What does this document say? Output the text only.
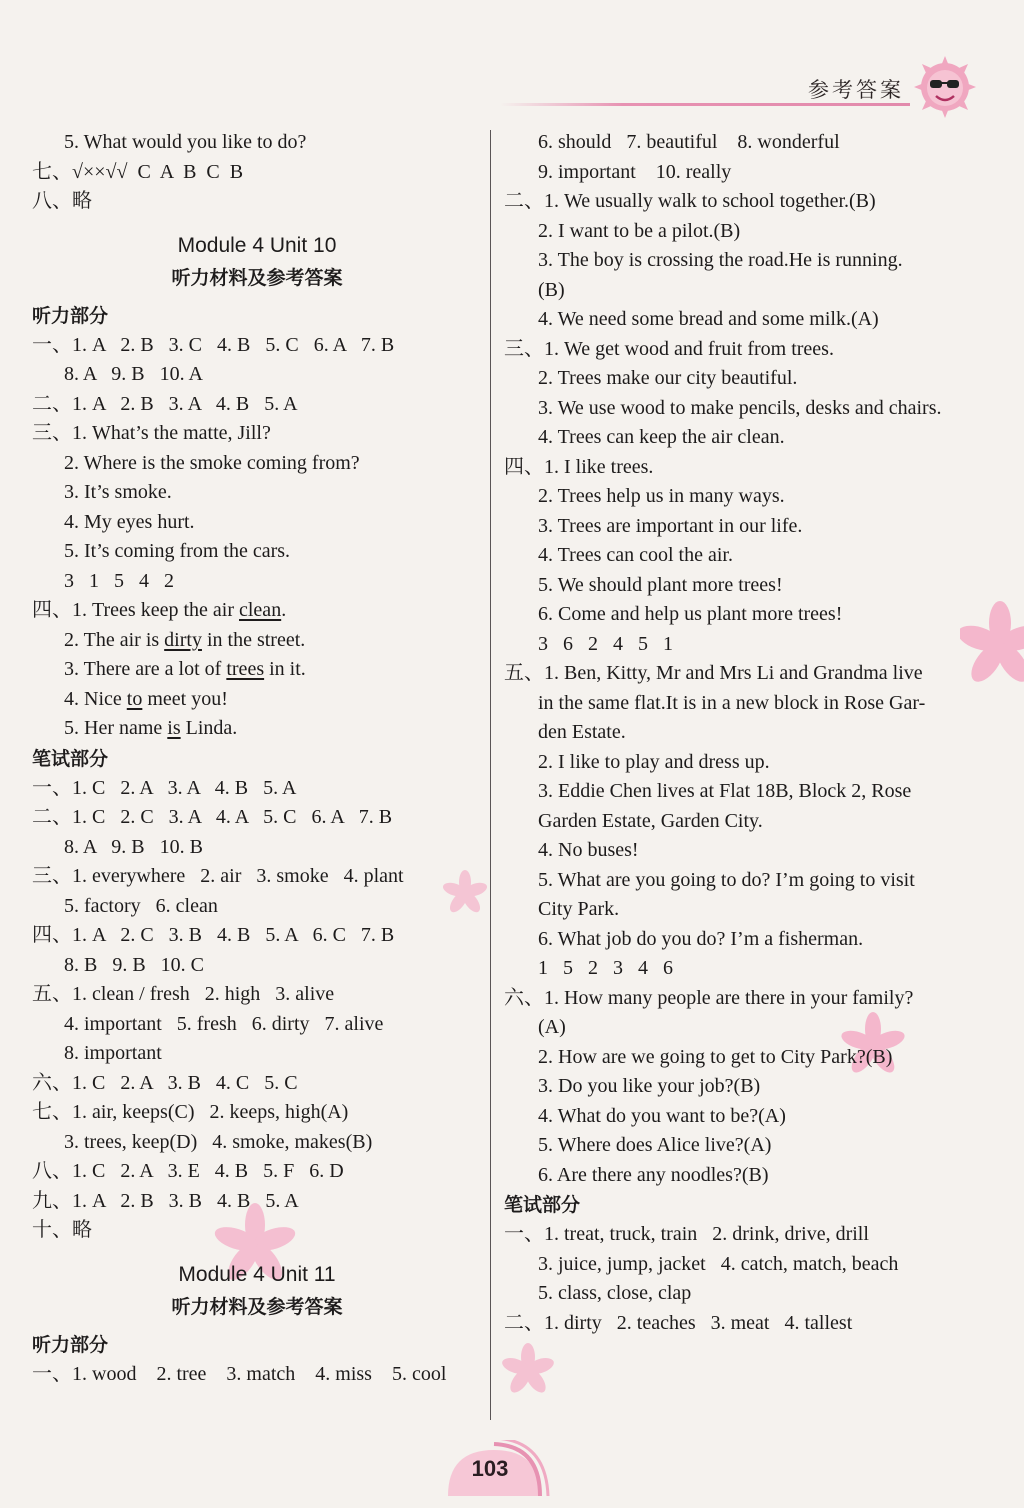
参考答案
5. What would you like to do?
七、√××√√  C  A  B  C  B
八、略
Module 4 Unit 10
听力材料及参考答案
听力部分
一、1. A   2. B   3. C   4. B   5. C   6. A   7. B
8. A   9. B   10. A
二、1. A   2. B   3. A   4. B   5. A
三、1. What’s the matte, Jill?
2. Where is the smoke coming from?
3. It’s smoke.
4. My eyes hurt.
5. It’s coming from the cars.
3   1   5   4   2
四、1. Trees keep the air clean.
2. The air is dirty in the street.
3. There are a lot of trees in it.
4. Nice to meet you!
5. Her name is Linda.
笔试部分
一、1. C   2. A   3. A   4. B   5. A
二、1. C   2. C   3. A   4. A   5. C   6. A   7. B
8. A   9. B   10. B
三、1. everywhere   2. air   3. smoke   4. plant
5. factory   6. clean
四、1. A   2. C   3. B   4. B   5. A   6. C   7. B
8. B   9. B   10. C
五、1. clean / fresh   2. high   3. alive
4. important   5. fresh   6. dirty   7. alive
8. important
六、1. C   2. A   3. B   4. C   5. C
七、1. air, keeps(C)   2. keeps, high(A)
3. trees, keep(D)   4. smoke, makes(B)
八、1. C   2. A   3. E   4. B   5. F   6. D
九、1. A   2. B   3. B   4. B   5. A
十、略
Module 4 Unit 11
听力材料及参考答案
听力部分
一、1. wood    2. tree    3. match    4. miss    5. cool
6. should   7. beautiful    8. wonderful
9. important    10. really
二、1. We usually walk to school together.(B)
2. I want to be a pilot.(B)
3. The boy is crossing the road.He is running.
(B)
4. We need some bread and some milk.(A)
三、1. We get wood and fruit from trees.
2. Trees make our city beautiful.
3. We use wood to make pencils, desks and chairs.
4. Trees can keep the air clean.
四、1. I like trees.
2. Trees help us in many ways.
3. Trees are important in our life.
4. Trees can cool the air.
5. We should plant more trees!
6. Come and help us plant more trees!
3   6   2   4   5   1
五、1. Ben, Kitty, Mr and Mrs Li and Grandma live
in the same flat.It is in a new block in Rose Gar-
den Estate.
2. I like to play and dress up.
3. Eddie Chen lives at Flat 18B, Block 2, Rose
Garden Estate, Garden City.
4. No buses!
5. What are you going to do? I’m going to visit
City Park.
6. What job do you do? I’m a fisherman.
1   5   2   3   4   6
六、1. How many people are there in your family?
(A)
2. How are we going to get to City Park?(B)
3. Do you like your job?(B)
4. What do you want to be?(A)
5. Where does Alice live?(A)
6. Are there any noodles?(B)
笔试部分
一、1. treat, truck, train   2. drink, drive, drill
3. juice, jump, jacket   4. catch, match, beach
5. class, close, clap
二、1. dirty   2. teaches   3. meat   4. tallest
103
